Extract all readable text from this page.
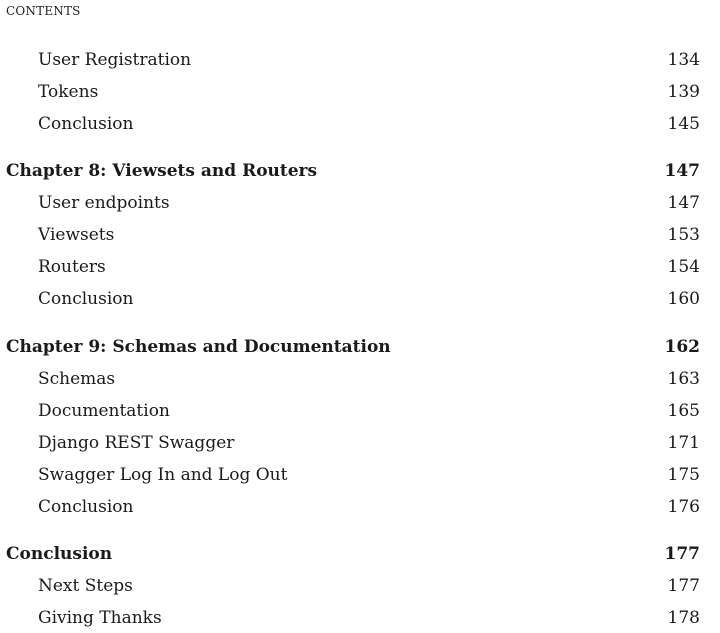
CONTENTS
User Registration	134
Tokens	139
Conclusion	145
Chapter 8: Viewsets and Routers	147
User endpoints	147
Viewsets	153
Routers	154
Conclusion	160
Chapter 9: Schemas and Documentation	162
Schemas	163
Documentation	165
Django REST Swagger	171
Swagger Log In and Log Out	175
Conclusion	176
Conclusion	177
Next Steps	177
Giving Thanks	178
